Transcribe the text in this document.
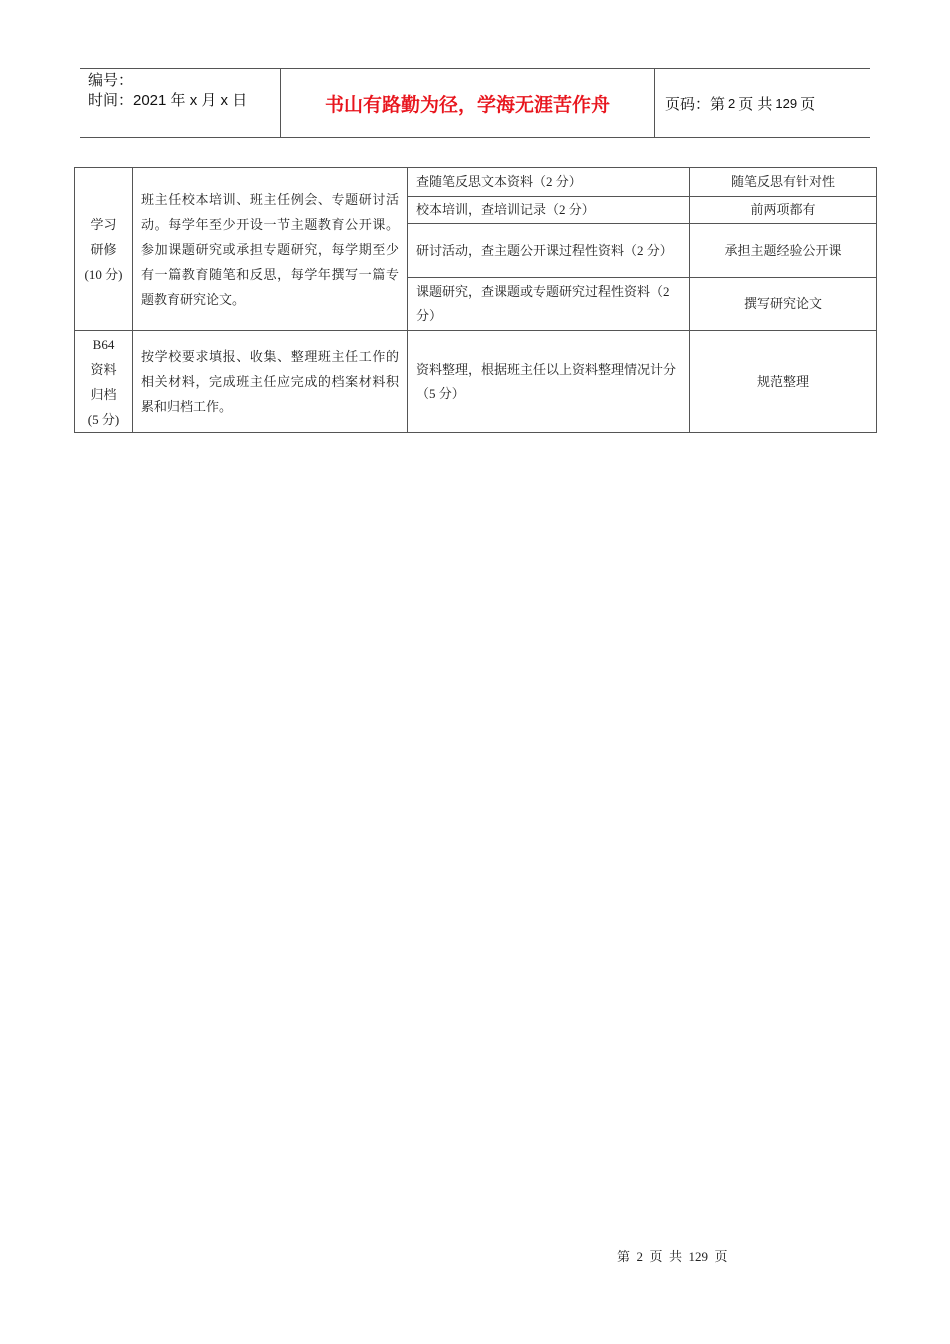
编号：
时间：2021 年 x 月 x 日	书山有路勤为径，学海无涯苦作舟	页码：第 2 页 共 129 页
学习
研修
(10 分)	班主任校本培训、班主任例会、专题研讨活动。每学年至少开设一节主题教育公开课。参加课题研究或承担专题研究，每学期至少有一篇教育随笔和反思，每学年撰写一篇专题教育研究论文。	查随笔反思文本资料（2 分）	随笔反思有针对性
		校本培训，查培训记录（2 分）	前两项都有
		研讨活动，查主题公开课过程性资料（2 分）	承担主题经验公开课
		课题研究，查课题或专题研究过程性资料（2 分）	撰写研究论文

B64
资料
归档
(5 分)	按学校要求填报、收集、整理班主任工作的相关材料，完成班主任应完成的档案材料积累和归档工作。	资料整理，根据班主任以上资料整理情况计分（5 分）	规范整理
第  2  页  共  129  页
